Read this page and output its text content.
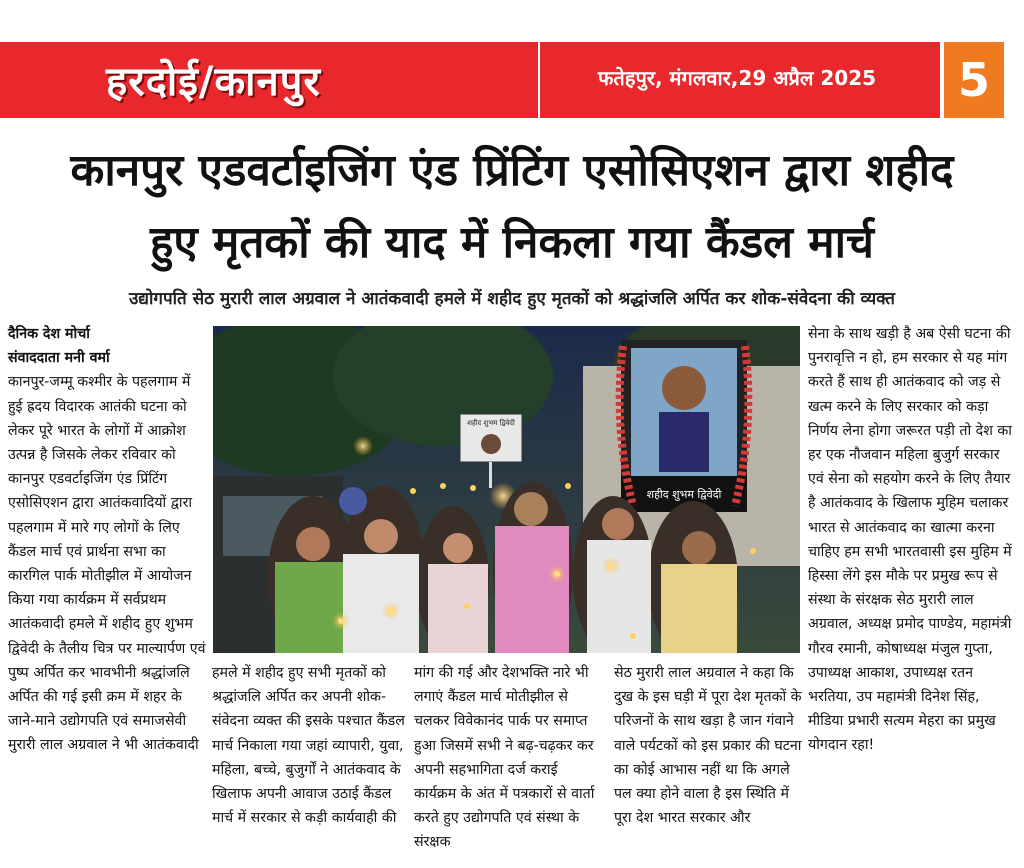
हरदोई/कानपुर	फतेहपुर, मंगलवार,29 अप्रैल 2025	5
कानपुर एडवर्टाइजिंग एंड प्रिंटिंग एसोसिएशन द्वारा शहीद
हुए मृतकों की याद में निकला गया कैंडल मार्च
उद्योगपति सेठ मुरारी लाल अग्रवाल ने आतंकवादी हमले में शहीद हुए मृतकों को श्रद्धांजलि अर्पित कर शोक-संवेदना की व्यक्त

दैनिक देश मोर्चा

संवाददाता मनी वर्मा

कानपुर-जम्मू कश्मीर के पहलगाम में हुई ह्रदय विदारक आतंकी घटना को लेकर पूरे भारत के लोगों में आक्रोश उत्पन्न है जिसके लेकर रविवार को कानपुर एडवर्टाइजिंग एंड प्रिंटिंग एसोसिएशन द्वारा आतंकवादियों द्वारा पहलगाम में मारे गए लोगों के लिए कैंडल मार्च एवं प्रार्थना सभा का कारगिल पार्क मोतीझील में आयोजन किया गया कार्यक्रम में सर्वप्रथम आतंकवादी हमले में शहीद हुए शुभम द्विवेदी के तैलीय चित्र पर माल्यार्पण एवं पुष्प अर्पित कर भावभीनी श्रद्धांजलि अर्पित की गई इसी क्रम में शहर के जाने-माने उद्योगपति एवं समाजसेवी मुरारी लाल अग्रवाल ने भी आतंकवादी

शहीद शुभम द्विवेदी
शहीद शुभम द्विवेदी

हमले में शहीद हुए सभी मृतकों को श्रद्धांजलि अर्पित कर अपनी शोक-संवेदना व्यक्त की इसके पश्चात कैंडल मार्च निकाला गया जहां व्यापारी, युवा, महिला, बच्चे, बुजुर्गों ने आतंकवाद के खिलाफ अपनी आवाज उठाई कैंडल मार्च में सरकार से कड़ी कार्यवाही की

मांग की गई और देशभक्ति नारे भी लगाएं कैंडल मार्च मोतीझील से चलकर विवेकानंद पार्क पर समाप्त हुआ जिसमें सभी ने बढ़-चढ़कर कर अपनी सहभागिता दर्ज कराई कार्यक्रम के अंत में पत्रकारों से वार्ता करते हुए उद्योगपति एवं संस्था के संरक्षक

सेठ मुरारी लाल अग्रवाल ने कहा कि दुख के इस घड़ी में पूरा देश मृतकों के परिजनों के साथ खड़ा है जान गंवाने वाले पर्यटकों को इस प्रकार की घटना का कोई आभास नहीं था कि अगले पल क्या होने वाला है इस स्थिति में पूरा देश भारत सरकार और

सेना के साथ खड़ी है अब ऐसी घटना की पुनरावृत्ति न हो, हम सरकार से यह मांग करते हैं साथ ही आतंकवाद को जड़ से खत्म करने के लिए सरकार को कड़ा निर्णय लेना होगा जरूरत पड़ी तो देश का हर एक नौजवान महिला बुजुर्ग सरकार एवं सेना को सहयोग करने के लिए तैयार है आतंकवाद के खिलाफ मुहिम चलाकर भारत से आतंकवाद का खात्मा करना चाहिए हम सभी भारतवासी इस मुहिम में हिस्सा लेंगे इस मौके पर प्रमुख रूप से संस्था के संरक्षक सेठ मुरारी लाल अग्रवाल, अध्यक्ष प्रमोद पाण्डेय, महामंत्री गौरव रमानी, कोषाध्यक्ष मंजुल गुप्ता, उपाध्यक्ष आकाश, उपाध्यक्ष रतन भरतिया, उप महामंत्री दिनेश सिंह, मीडिया प्रभारी सत्यम मेहरा का प्रमुख योगदान रहा!
